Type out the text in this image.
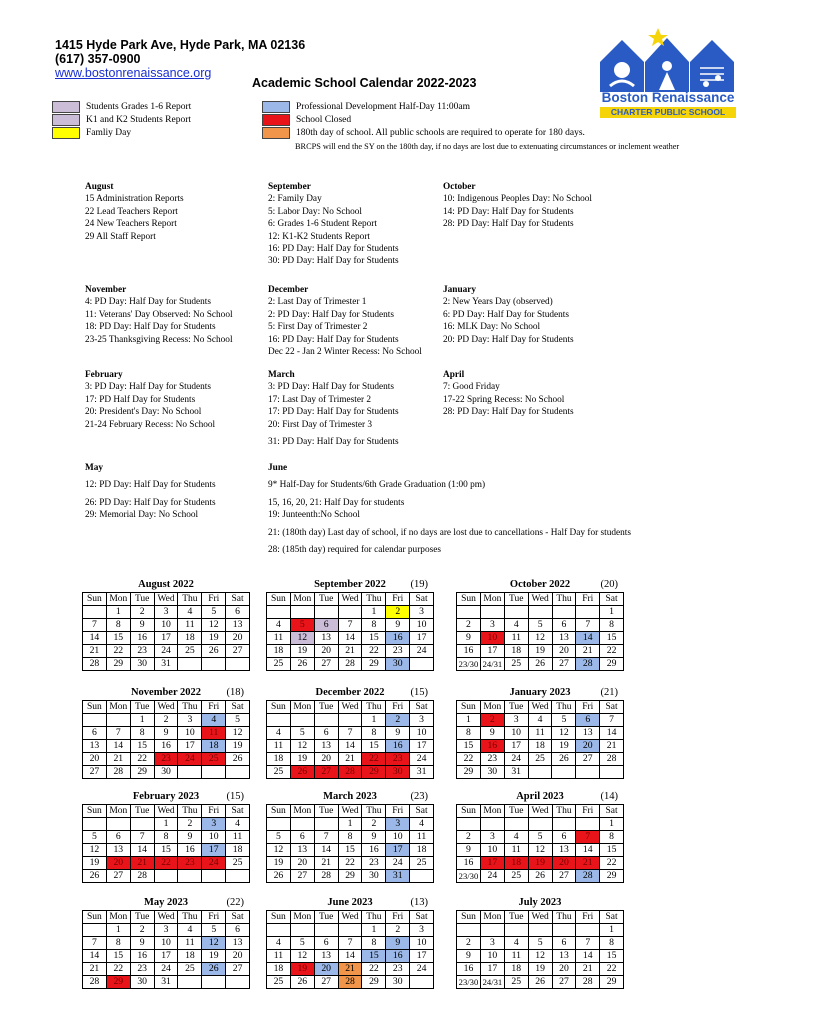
1415 Hyde Park Ave, Hyde Park, MA 02136
(617) 357-0900
www.bostonrenaissance.org
Academic School Calendar 2022-2023
Boston Renaissance
CHARTER PUBLIC SCHOOL
Students Grades 1-6 Report
K1 and K2 Students Report
Famliy Day
Professional Development Half-Day 11:00am
School Closed
180th day of school. All public schools are required to operate for 180 days.
BRCPS will end the SY on the 180th day, if no days are lost due to extenuating circumstances or inclement weather
August
15 Administration Reports
22 Lead Teachers Report
24 New Teachers Report
29 All Staff Report
September
2: Family Day
5: Labor Day: No School
6: Grades 1-6 Student Report
12: K1-K2 Students Report
16: PD Day: Half Day for Students
30: PD Day: Half Day for Students
October
10: Indigenous Peoples Day: No School
14: PD Day: Half Day for Students
28: PD Day: Half Day for Students
November
4: PD Day: Half Day for Students
11: Veterans' Day Observed: No School
18: PD Day: Half Day for Students
23-25 Thanksgiving Recess: No School
December
2: Last Day of Trimester 1
2: PD Day: Half Day for Students
5: First Day of Trimester 2
16: PD Day: Half Day for Students
Dec 22 - Jan 2 Winter Recess: No School
January
2: New Years Day (observed)
6: PD Day: Half Day for Students
16: MLK Day: No School
20: PD Day: Half Day for Students
February
3: PD Day: Half Day for Students
17: PD Half Day for Students
20: President's Day: No School
21-24 February Recess: No School
March
3: PD Day: Half Day for Students
17: Last Day of Trimester 2
17: PD Day: Half Day for Students
20: First Day of Trimester 3
31: PD Day: Half Day for Students
April
7: Good Friday
17-22 Spring Recess: No School
28: PD Day: Half Day for Students
May
12: PD Day: Half Day for Students
26: PD Day: Half Day for Students
29: Memorial Day: No School
June
9* Half-Day for Students/6th Grade Graduation (1:00 pm)
15, 16, 20, 21: Half Day for students
19: Junteenth:No School
21: (180th day) Last day of school, if no days are lost due to cancellations - Half Day for students
28: (185th day) required for calendar purposes
August 2022
Sun	Mon	Tue	Wed	Thu	Fri	Sat
	1	2	3	4	5	6
7	8	9	10	11	12	13
14	15	16	17	18	19	20
21	22	23	24	25	26	27
28	29	30	31			
September 2022	(19)
Sun	Mon	Tue	Wed	Thu	Fri	Sat
				1	2	3
4	5	6	7	8	9	10
11	12	13	14	15	16	17
18	19	20	21	22	23	24
25	26	27	28	29	30	
October 2022	(20)
Sun	Mon	Tue	Wed	Thu	Fri	Sat
						1
2	3	4	5	6	7	8
9	10	11	12	13	14	15
16	17	18	19	20	21	22
23/30	24/31	25	26	27	28	29
November 2022	(18)
Sun	Mon	Tue	Wed	Thu	Fri	Sat
		1	2	3	4	5
6	7	8	9	10	11	12
13	14	15	16	17	18	19
20	21	22	23	24	25	26
27	28	29	30			
December 2022	(15)
Sun	Mon	Tue	Wed	Thu	Fri	Sat
				1	2	3
4	5	6	7	8	9	10
11	12	13	14	15	16	17
18	19	20	21	22	23	24
25	26	27	28	29	30	31
January 2023	(21)
Sun	Mon	Tue	Wed	Thu	Fri	Sat
1	2	3	4	5	6	7
8	9	10	11	12	13	14
15	16	17	18	19	20	21
22	23	24	25	26	27	28
29	30	31				
February 2023	(15)
Sun	Mon	Tue	Wed	Thu	Fri	Sat
			1	2	3	4
5	6	7	8	9	10	11
12	13	14	15	16	17	18
19	20	21	22	23	24	25
26	27	28				
March 2023	(23)
Sun	Mon	Tue	Wed	Thu	Fri	Sat
			1	2	3	4
5	6	7	8	9	10	11
12	13	14	15	16	17	18
19	20	21	22	23	24	25
26	27	28	29	30	31	
April 2023	(14)
Sun	Mon	Tue	Wed	Thu	Fri	Sat
						1
2	3	4	5	6	7	8
9	10	11	12	13	14	15
16	17	18	19	20	21	22
23/30	24	25	26	27	28	29
May 2023	(22)
Sun	Mon	Tue	Wed	Thu	Fri	Sat
	1	2	3	4	5	6
7	8	9	10	11	12	13
14	15	16	17	18	19	20
21	22	23	24	25	26	27
28	29	30	31			
June 2023	(13)
Sun	Mon	Tue	Wed	Thu	Fri	Sat
				1	2	3
4	5	6	7	8	9	10
11	12	13	14	15	16	17
18	19	20	21	22	23	24
25	26	27	28	29	30	
July 2023
Sun	Mon	Tue	Wed	Thu	Fri	Sat
						1
2	3	4	5	6	7	8
9	10	11	12	13	14	15
16	17	18	19	20	21	22
23/30	24/31	25	26	27	28	29
